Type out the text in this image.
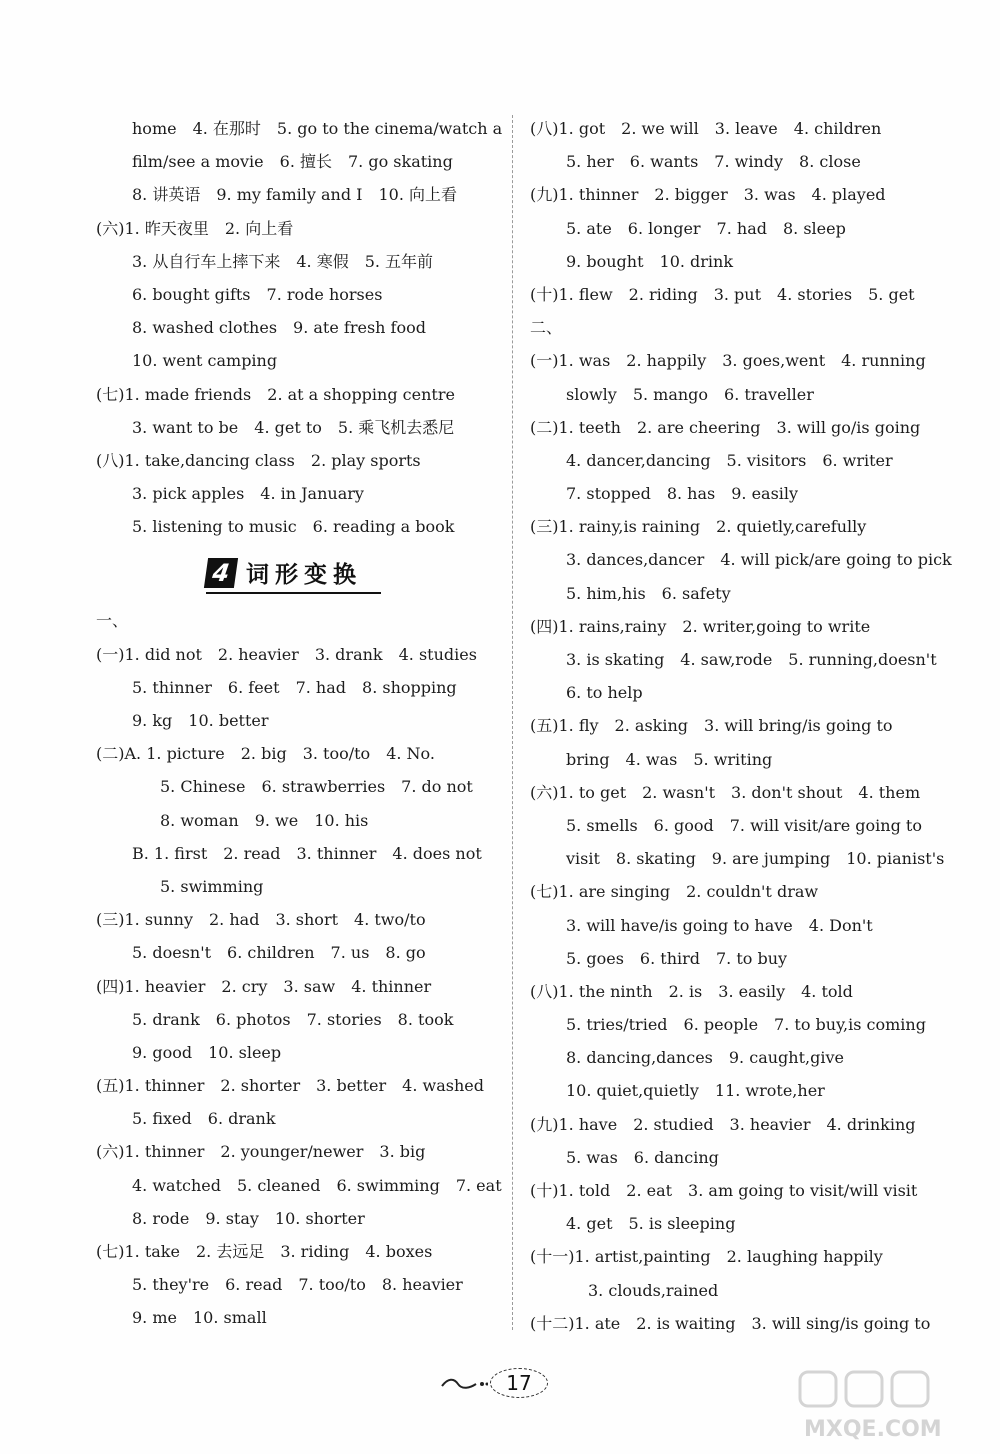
home　4. 在那时　5. go to the cinema/watch a
film/see a movie　6. 擅长　7. go skating
8. 讲英语　9. my family and I　10. 向上看
(六)1. 昨天夜里　2. 向上看
3. 从自行车上摔下来　4. 寒假　5. 五年前
6. bought gifts　7. rode horses
8. washed clothes　9. ate fresh food
10. went camping
(七)1. made friends　2. at a shopping centre
3. want to be　4. get to　5. 乘飞机去悉尼
(八)1. take,dancing class　2. play sports
3. pick apples　4. in January
5. listening to music　6. reading a book
4 词形变换
一、
(一)1. did not　2. heavier　3. drank　4. studies
5. thinner　6. feet　7. had　8. shopping
9. kg　10. better
(二)A. 1. picture　2. big　3. too/to　4. No.
5. Chinese　6. strawberries　7. do not
8. woman　9. we　10. his
B. 1. first　2. read　3. thinner　4. does not
5. swimming
(三)1. sunny　2. had　3. short　4. two/to
5. doesn't　6. children　7. us　8. go
(四)1. heavier　2. cry　3. saw　4. thinner
5. drank　6. photos　7. stories　8. took
9. good　10. sleep
(五)1. thinner　2. shorter　3. better　4. washed
5. fixed　6. drank
(六)1. thinner　2. younger/newer　3. big
4. watched　5. cleaned　6. swimming　7. eat
8. rode　9. stay　10. shorter
(七)1. take　2. 去远足　3. riding　4. boxes
5. they're　6. read　7. too/to　8. heavier
9. me　10. small
(八)1. got　2. we will　3. leave　4. children
5. her　6. wants　7. windy　8. close
(九)1. thinner　2. bigger　3. was　4. played
5. ate　6. longer　7. had　8. sleep
9. bought　10. drink
(十)1. flew　2. riding　3. put　4. stories　5. get
二、
(一)1. was　2. happily　3. goes,went　4. running
slowly　5. mango　6. traveller
(二)1. teeth　2. are cheering　3. will go/is going
4. dancer,dancing　5. visitors　6. writer
7. stopped　8. has　9. easily
(三)1. rainy,is raining　2. quietly,carefully
3. dances,dancer　4. will pick/are going to pick
5. him,his　6. safety
(四)1. rains,rainy　2. writer,going to write
3. is skating　4. saw,rode　5. running,doesn't
6. to help
(五)1. fly　2. asking　3. will bring/is going to
bring　4. was　5. writing
(六)1. to get　2. wasn't　3. don't shout　4. them
5. smells　6. good　7. will visit/are going to
visit　8. skating　9. are jumping　10. pianist's
(七)1. are singing　2. couldn't draw
3. will have/is going to have　4. Don't
5. goes　6. third　7. to buy
(八)1. the ninth　2. is　3. easily　4. told
5. tries/tried　6. people　7. to buy,is coming
8. dancing,dances　9. caught,give
10. quiet,quietly　11. wrote,her
(九)1. have　2. studied　3. heavier　4. drinking
5. was　6. dancing
(十)1. told　2. eat　3. am going to visit/will visit
4. get　5. is sleeping
(十一)1. artist,painting　2. laughing happily
3. clouds,rained
(十二)1. ate　2. is waiting　3. will sing/is going to
17
MXQE.COM
